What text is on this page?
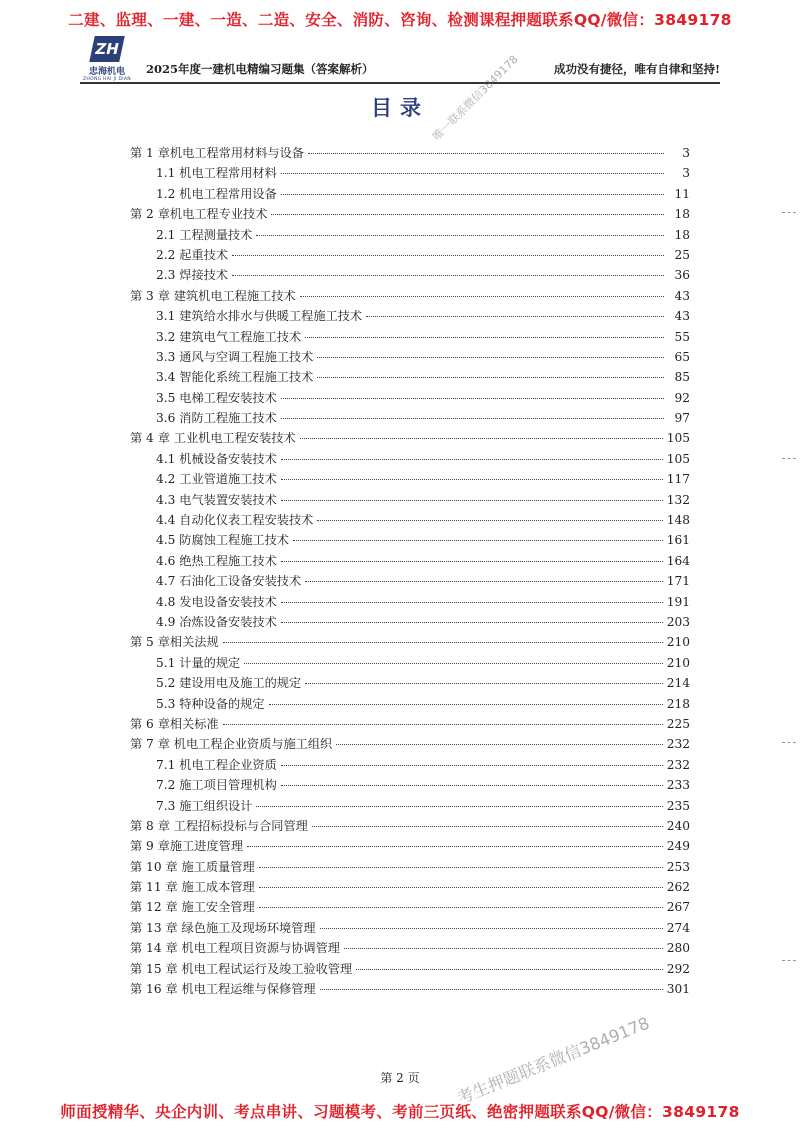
二建、监理、一建、一造、二造、安全、消防、咨询、检测课程押题联系QQ/微信：3849178
ZH
忠海机电
ZHONG HAI JI DIAN
2025年度一建机电精编习题集（答案解析）	成功没有捷径，唯有自律和坚持!
目录
第 1 章机电工程常用材料与设备	3
1.1 机电工程常用材料	3
1.2 机电工程常用设备	11
第 2 章机电工程专业技术	18
2.1 工程测量技术	18
2.2 起重技术	25
2.3 焊接技术	36
第 3 章 建筑机电工程施工技术	43
3.1 建筑给水排水与供暖工程施工技术	43
3.2 建筑电气工程施工技术	55
3.3 通风与空调工程施工技术	65
3.4 智能化系统工程施工技术	85
3.5 电梯工程安装技术	92
3.6 消防工程施工技术	97
第 4 章 工业机电工程安装技术	105
4.1 机械设备安装技术	105
4.2 工业管道施工技术	117
4.3 电气装置安装技术	132
4.4 自动化仪表工程安装技术	148
4.5 防腐蚀工程施工技术	161
4.6 绝热工程施工技术	164
4.7 石油化工设备安装技术	171
4.8 发电设备安装技术	191
4.9 冶炼设备安装技术	203
第 5 章相关法规	210
5.1 计量的规定	210
5.2 建设用电及施工的规定	214
5.3 特种设备的规定	218
第 6 章相关标准	225
第 7 章 机电工程企业资质与施工组织	232
7.1 机电工程企业资质	232
7.2 施工项目管理机构	233
7.3 施工组织设计	235
第 8 章 工程招标投标与合同管理	240
第 9 章施工进度管理	249
第 10 章 施工质量管理	253
第 11 章 施工成本管理	262
第 12 章 施工安全管理	267
第 13 章 绿色施工及现场环境管理	274
第 14 章 机电工程项目资源与协调管理	280
第 15 章 机电工程试运行及竣工验收管理	292
第 16 章 机电工程运维与保修管理	301
第 2 页
唯一联系微信3849178
考生押题联系微信3849178
师面授精华、央企内训、考点串讲、习题模考、考前三页纸、绝密押题联系QQ/微信：3849178
